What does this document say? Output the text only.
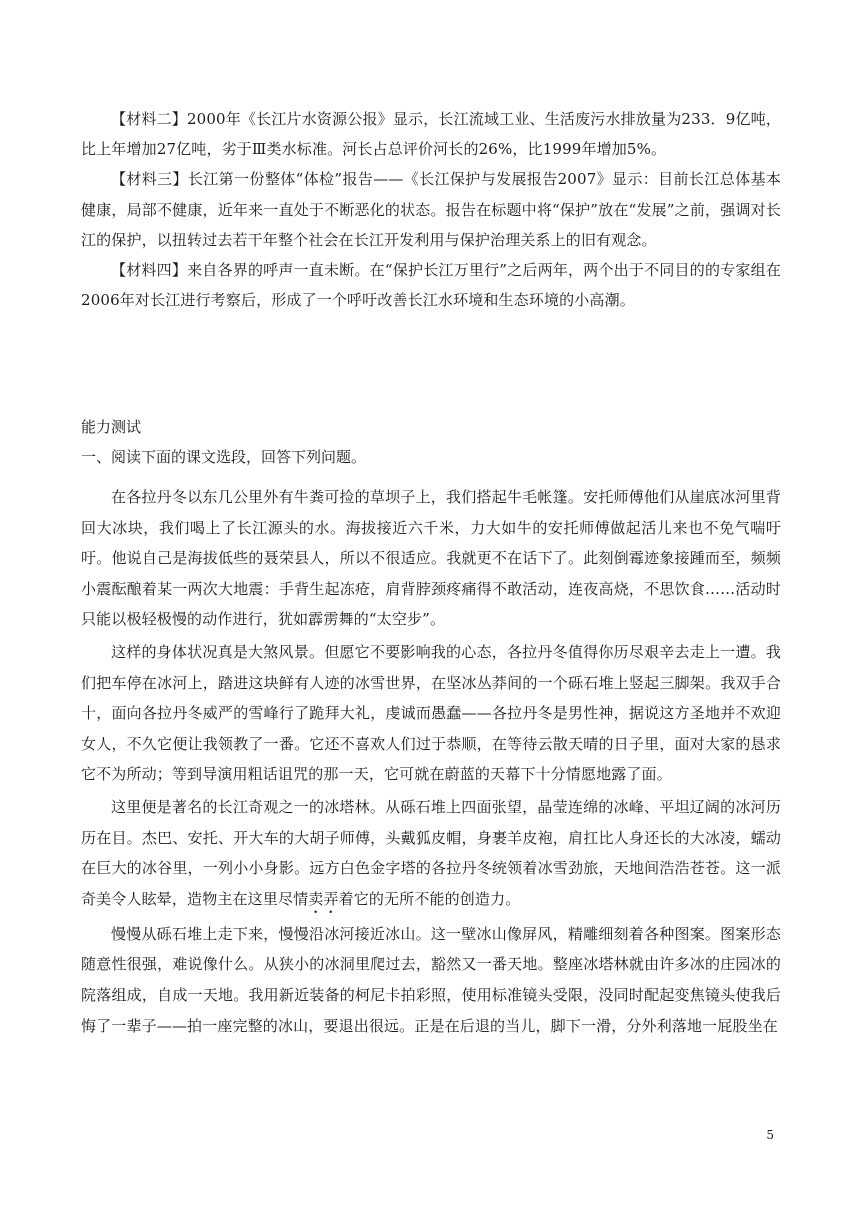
【材料二】2000年《长江片水资源公报》显示，长江流域工业、生活废污水排放量为233．9亿吨，比上年增加27亿吨，劣于Ⅲ类水标准。河长占总评价河长的26%，比1999年增加5%。

【材料三】长江第一份整体“体检”报告——《长江保护与发展报告2007》显示：目前长江总体基本健康，局部不健康，近年来一直处于不断恶化的状态。报告在标题中将“保护”放在“发展”之前，强调对长江的保护，以扭转过去若干年整个社会在长江开发利用与保护治理关系上的旧有观念。

【材料四】来自各界的呼声一直未断。在“保护长江万里行”之后两年，两个出于不同目的的专家组在2006年对长江进行考察后，形成了一个呼吁改善长江水环境和生态环境的小高潮。

能力测试
一、阅读下面的课文选段，回答下列问题。

在各拉丹冬以东几公里外有牛粪可捡的草坝子上，我们搭起牛毛帐篷。安托师傅他们从崖底冰河里背回大冰块，我们喝上了长江源头的水。海拔接近六千米，力大如牛的安托师傅做起活儿来也不免气喘吁吁。他说自己是海拔低些的聂荣县人，所以不很适应。我就更不在话下了。此刻倒霉迹象接踵而至，频频小震酝酿着某一两次大地震：手背生起冻疮，肩背脖颈疼痛得不敢活动，连夜高烧，不思饮食……活动时只能以极轻极慢的动作进行，犹如霹雳舞的“太空步”。

这样的身体状况真是大煞风景。但愿它不要影响我的心态，各拉丹冬值得你历尽艰辛去走上一遭。我们把车停在冰河上，踏进这块鲜有人迹的冰雪世界，在坚冰丛莽间的一个砾石堆上竖起三脚架。我双手合十，面向各拉丹冬威严的雪峰行了跪拜大礼，虔诚而愚蠢——各拉丹冬是男性神，据说这方圣地并不欢迎女人，不久它便让我领教了一番。它还不喜欢人们过于恭顺，在等待云散天晴的日子里，面对大家的恳求它不为所动；等到导演用粗话诅咒的那一天，它可就在蔚蓝的天幕下十分情愿地露了面。

这里便是著名的长江奇观之一的冰塔林。从砾石堆上四面张望，晶莹连绵的冰峰、平坦辽阔的冰河历历在目。杰巴、安托、开大车的大胡子师傅，头戴狐皮帽，身裹羊皮袍，肩扛比人身还长的大冰凌，蠕动在巨大的冰谷里，一列小小身影。远方白色金字塔的各拉丹冬统领着冰雪劲旅，天地间浩浩苍苍。这一派奇美令人眩晕，造物主在这里尽情卖弄着它的无所不能的创造力。

慢慢从砾石堆上走下来，慢慢沿冰河接近冰山。这一壁冰山像屏风，精雕细刻着各种图案。图案形态随意性很强，难说像什么。从狭小的冰洞里爬过去，豁然又一番天地。整座冰塔林就由许多冰的庄园冰的院落组成，自成一天地。我用新近装备的柯尼卡拍彩照，使用标准镜头受限，没同时配起变焦镜头使我后悔了一辈子——拍一座完整的冰山，要退出很远。正是在后退的当儿，脚下一滑，分外利落地一屁股坐在

5
